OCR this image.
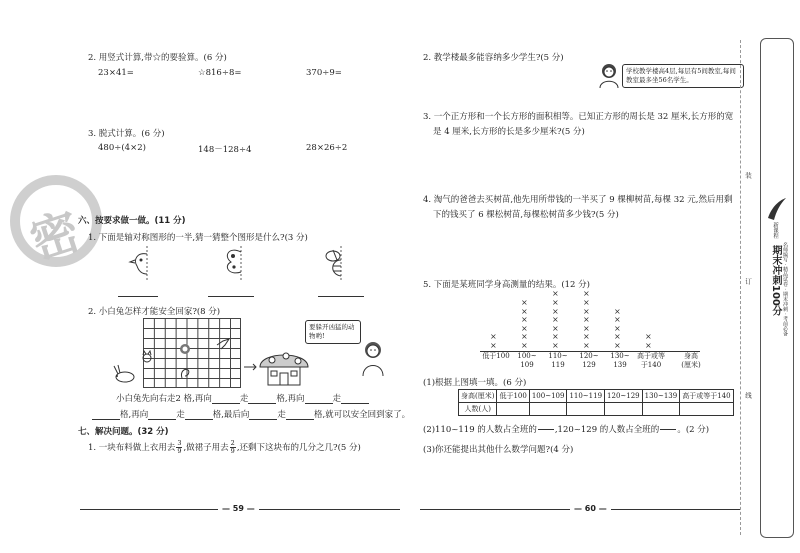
2. 用竖式计算,带☆的要验算。(6 分)
23×41=	☆816÷8=	370÷9=
3. 脱式计算。(6 分)
480÷(4×2)	148－128÷4	28×26÷2
密
六、按要求做一做。(11 分)
1. 下面是轴对称图形的一半,猜一猜整个图形是什么?(3 分)
2. 小白兔怎样才能安全回家?(8 分)
要躲开凶猛的动物哟!
小白兔先向右走2 格,再向	走	格,再向	走
格,再向	走	格,最后向	走	格,就可以安全回到家了。
七、解决问题。(32 分)
1. 一块布料做上衣用去 $\frac{3}{9}$ ,做裙子用去 $\frac{2}{9}$ ,还剩下这块布的几分之几?(5 分)
— 59 —
2. 教学楼最多能容纳多少学生?(5 分)
学校教学楼高4层,每层有5间教室,每间教室最多坐56名学生。
3. 一个正方形和一个长方形的面积相等。已知正方形的周长是 32 厘米,长方形的宽
是 4 厘米,长方形的长是多少厘米?(5 分)
4. 淘气的爸爸去买树苗,他先用所带钱的一半买了 9 棵柳树苗,每棵 32 元,然后用剩
下的钱买了 6 棵松树苗,每棵松树苗多少钱?(5 分)
5. 下面是某班同学身高测量的结果。(12 分)
×
×
×
×
×
×
×
×
×
×
×
×
×
×
×
×
×
×
×
×
×
×
×
×
×
×
×
×
×
低于100	100~
109
110~
119
120~
129
130~
139
高于或等
于140
身高
(厘米)
(1)根据上图填一填。(6 分)
身高(厘米)	低于100	100~109	110~119	120~129	130~139	高于或等于140
人数(人)						
(2)110~119 的人数占全班的 ,120~129 的人数占全班的 。(2 分)
(3)你还能提出其他什么数学问题?(4 分)
— 60 —
装
订
线
新课程
期末冲刺100分 名师编写 · 精品试卷 · 期末冲刺 · 考前必备
